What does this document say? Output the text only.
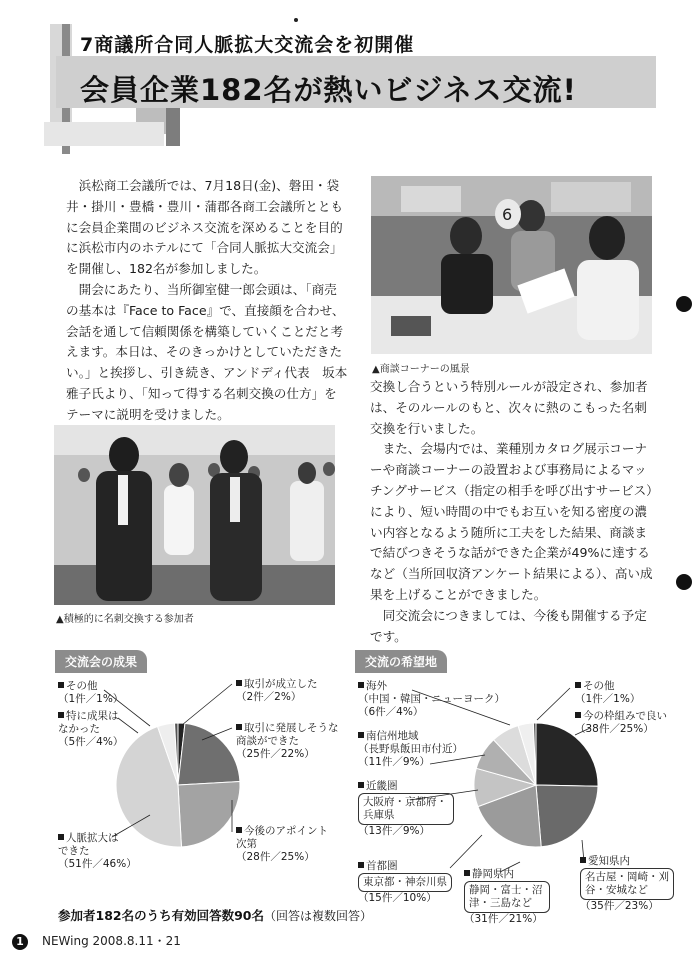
7商議所合同人脈拡大交流会を初開催
会員企業182名が熱いビジネス交流!

浜松商工会議所では、7月18日(金)、磐田・袋井・掛川・豊橋・豊川・蒲郡各商工会議所とともに会員企業間のビジネス交流を深めることを目的に浜松市内のホテルにて「合同人脈拡大交流会」を開催し、182名が参加しました。

開会にあたり、当所御室健一郎会頭は、「商売の基本は『Face to Face』で、直接顔を合わせ、会話を通して信頼関係を構築していくことだと考えます。本日は、そのきっかけとしていただきたい。」と挨拶し、引き続き、アンドディ代表　坂本雅子氏より、「知って得する名刺交換の仕方」をテーマに説明を受けました。

6
▲商談コーナーの風景

交換し合うという特別ルールが設定され、参加者は、そのルールのもと、次々に熱のこもった名刺交換を行いました。

また、会場内では、業種別カタログ展示コーナーや商談コーナーの設置および事務局によるマッチングサービス（指定の相手を呼び出すサービス）により、短い時間の中でもお互いを知る密度の濃い内容となるよう随所に工夫をした結果、商談まで結びつきそうな話ができた企業が49%に達するなど（当所回収済アンケート結果による）、高い成果を上げることができました。

同交流会につきましては、今後も開催する予定です。

▲積極的に名刺交換する参加者
交流会の成果
取引が成立した
（2件／2%）
取引に発展しそうな
商談ができた
（25件／22%）
今後のアポイント
次第
（28件／25%）
人脈拡大は
できた
（51件／46%）
特に成果は
なかった
（5件／4%）
その他
（1件／1%）
交流の希望地
その他
（1件／1%）
今の枠組みで良い
（38件／25%）
愛知県内
名古屋・岡崎・刈谷・安城など
（35件／23%）
静岡県内
静岡・富士・沼津・三島など
（31件／21%）
首都圏
東京都・神奈川県
（15件／10%）
近畿圏
大阪府・京都府・兵庫県
（13件／9%）
南信州地域
（長野県飯田市付近）
（11件／9%）
海外
（中国・韓国・ニューヨーク）
（6件／4%）
参加者182名のうち有効回答数90名（回答は複数回答）
1 NEWing 2008.8.11・21
